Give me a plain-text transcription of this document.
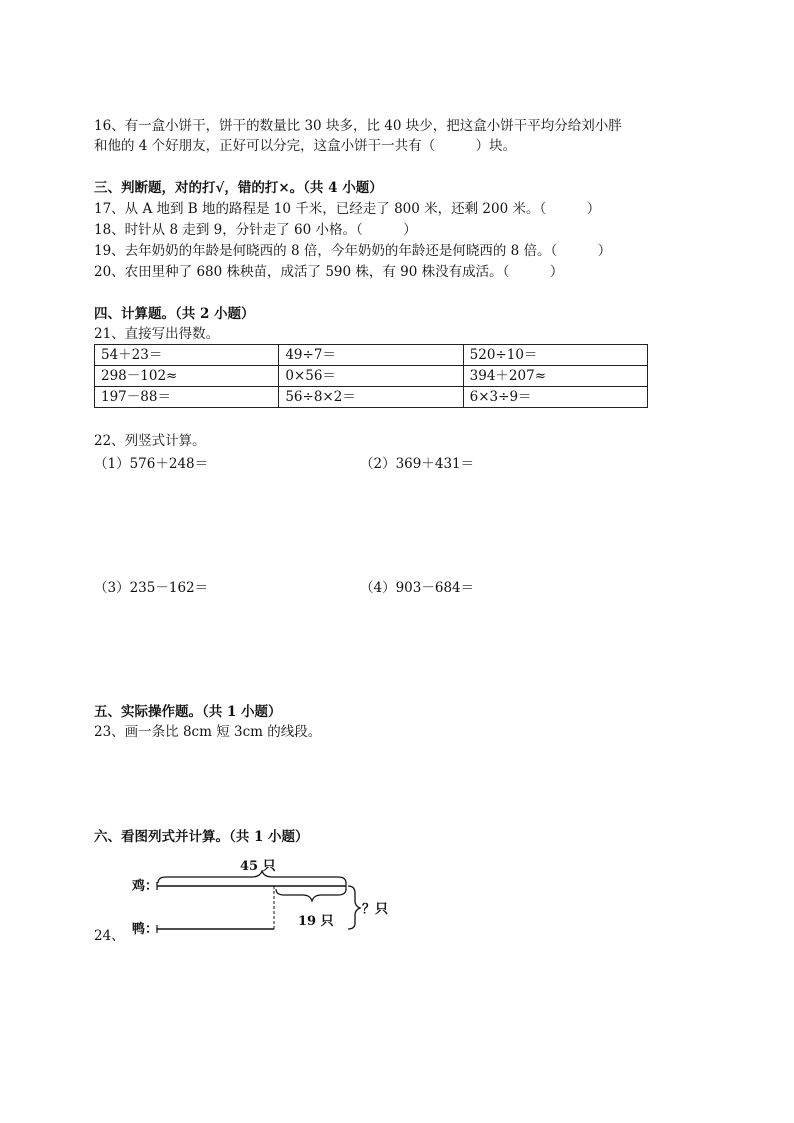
16、有一盒小饼干，饼干的数量比 30 块多，比 40 块少，把这盒小饼干平均分给刘小胖
和他的 4 个好朋友，正好可以分完，这盒小饼干一共有（　　　）块。
三、判断题，对的打√，错的打×。（共 4 小题）
17、从 A 地到 B 地的路程是 10 千米，已经走了 800 米，还剩 200 米。（　　　）
18、时针从 8 走到 9，分针走了 60 小格。（　　　）
19、去年奶奶的年龄是何晓西的 8 倍，今年奶奶的年龄还是何晓西的 8 倍。（　　　）
20、农田里种了 680 株秧苗，成活了 590 株，有 90 株没有成活。（　　　）
四、计算题。（共 2 小题）
21、直接写出得数。
54＋23＝	49÷7＝	520÷10＝
298－102≈	0×56＝	394＋207≈
197－88＝	56÷8×2＝	6×3÷9＝
22、列竖式计算。
（1）576＋248＝	（2）369＋431＝
（3）235－162＝	（4）903－684＝
五、实际操作题。（共 1 小题）
23、画一条比 8cm 短 3cm 的线段。
六、看图列式并计算。（共 1 小题）
24、
45 只
鸡：
19 只
鸭：
？只
